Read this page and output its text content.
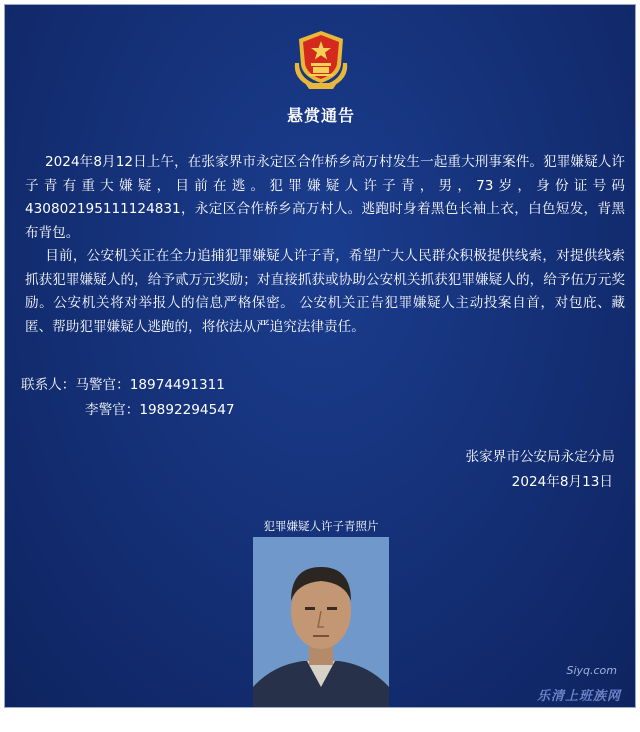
悬赏通告
2024年8月12日上午，在张家界市永定区合作桥乡高万村发生一起重大刑事案件。犯罪嫌疑人许子青有重大嫌疑，目前在逃。犯罪嫌疑人许子青，男，73岁，身份证号码430802195111124831，永定区合作桥乡高万村人。逃跑时身着黑色长袖上衣，白色短发，背黑布背包。
目前，公安机关正在全力追捕犯罪嫌疑人许子青，希望广大人民群众积极提供线索，对提供线索抓获犯罪嫌疑人的，给予贰万元奖励；对直接抓获或协助公安机关抓获犯罪嫌疑人的，给予伍万元奖励。公安机关将对举报人的信息严格保密。 公安机关正告犯罪嫌疑人主动投案自首，对包庇、藏匿、帮助犯罪嫌疑人逃跑的，将依法从严追究法律责任。
联系人：马警官：18974491311
李警官：19892294547
张家界市公安局永定分局
2024年8月13日
犯罪嫌疑人许子青照片
Siyq.com
乐清上班族网
